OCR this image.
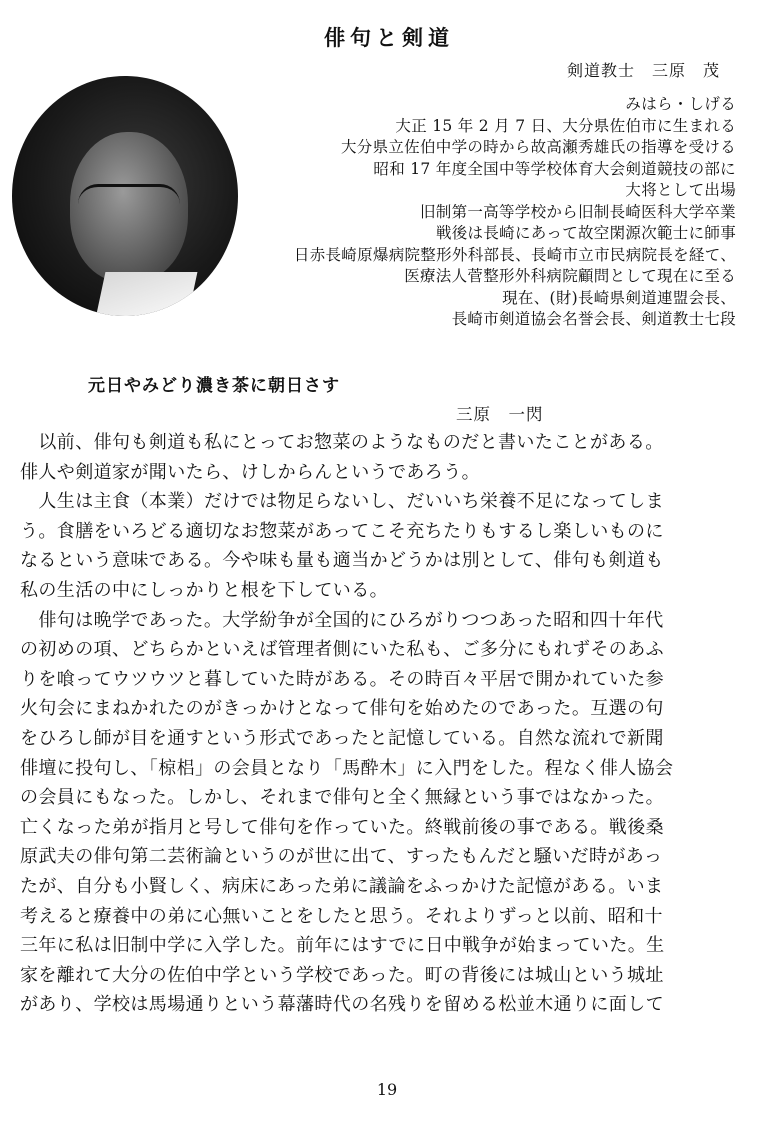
俳句と剣道
剣道教士　三原　茂
みはら・しげる
大正 15 年 2 月 7 日、大分県佐伯市に生まれる
大分県立佐伯中学の時から故高瀬秀雄氏の指導を受ける
昭和 17 年度全国中等学校体育大会剣道競技の部に
大将として出場
旧制第一高等学校から旧制長崎医科大学卒業
戦後は長崎にあって故空閑源次範士に師事
日赤長崎原爆病院整形外科部長、長崎市立市民病院長を経て、
医療法人菅整形外科病院顧問として現在に至る
現在、(財)長崎県剣道連盟会長、
長崎市剣道協会名誉会長、剣道教士七段
元日やみどり濃き茶に朝日さす
三原　一閃
　以前、俳句も剣道も私にとってお惣菜のようなものだと書いたことがある。
俳人や剣道家が聞いたら、けしからんというであろう。
　人生は主食（本業）だけでは物足らないし、だいいち栄養不足になってしま
う。食膳をいろどる適切なお惣菜があってこそ充ちたりもするし楽しいものに
なるという意味である。今や味も量も適当かどうかは別として、俳句も剣道も
私の生活の中にしっかりと根を下している。
　俳句は晩学であった。大学紛争が全国的にひろがりつつあった昭和四十年代
の初めの項、どちらかといえば管理者側にいた私も、ご多分にもれずそのあふ
りを喰ってウツウツと暮していた時がある。その時百々平居で開かれていた参
火句会にまねかれたのがきっかけとなって俳句を始めたのであった。互選の句
をひろし師が目を通すという形式であったと記憶している。自然な流れで新聞
俳壇に投句し、「椋梠」の会員となり「馬酔木」に入門をした。程なく俳人協会
の会員にもなった。しかし、それまで俳句と全く無縁という事ではなかった。
亡くなった弟が指月と号して俳句を作っていた。終戦前後の事である。戦後桑
原武夫の俳句第二芸術論というのが世に出て、すったもんだと騒いだ時があっ
たが、自分も小賢しく、病床にあった弟に議論をふっかけた記憶がある。いま
考えると療養中の弟に心無いことをしたと思う。それよりずっと以前、昭和十
三年に私は旧制中学に入学した。前年にはすでに日中戦争が始まっていた。生
家を離れて大分の佐伯中学という学校であった。町の背後には城山という城址
があり、学校は馬場通りという幕藩時代の名残りを留める松並木通りに面して
19
